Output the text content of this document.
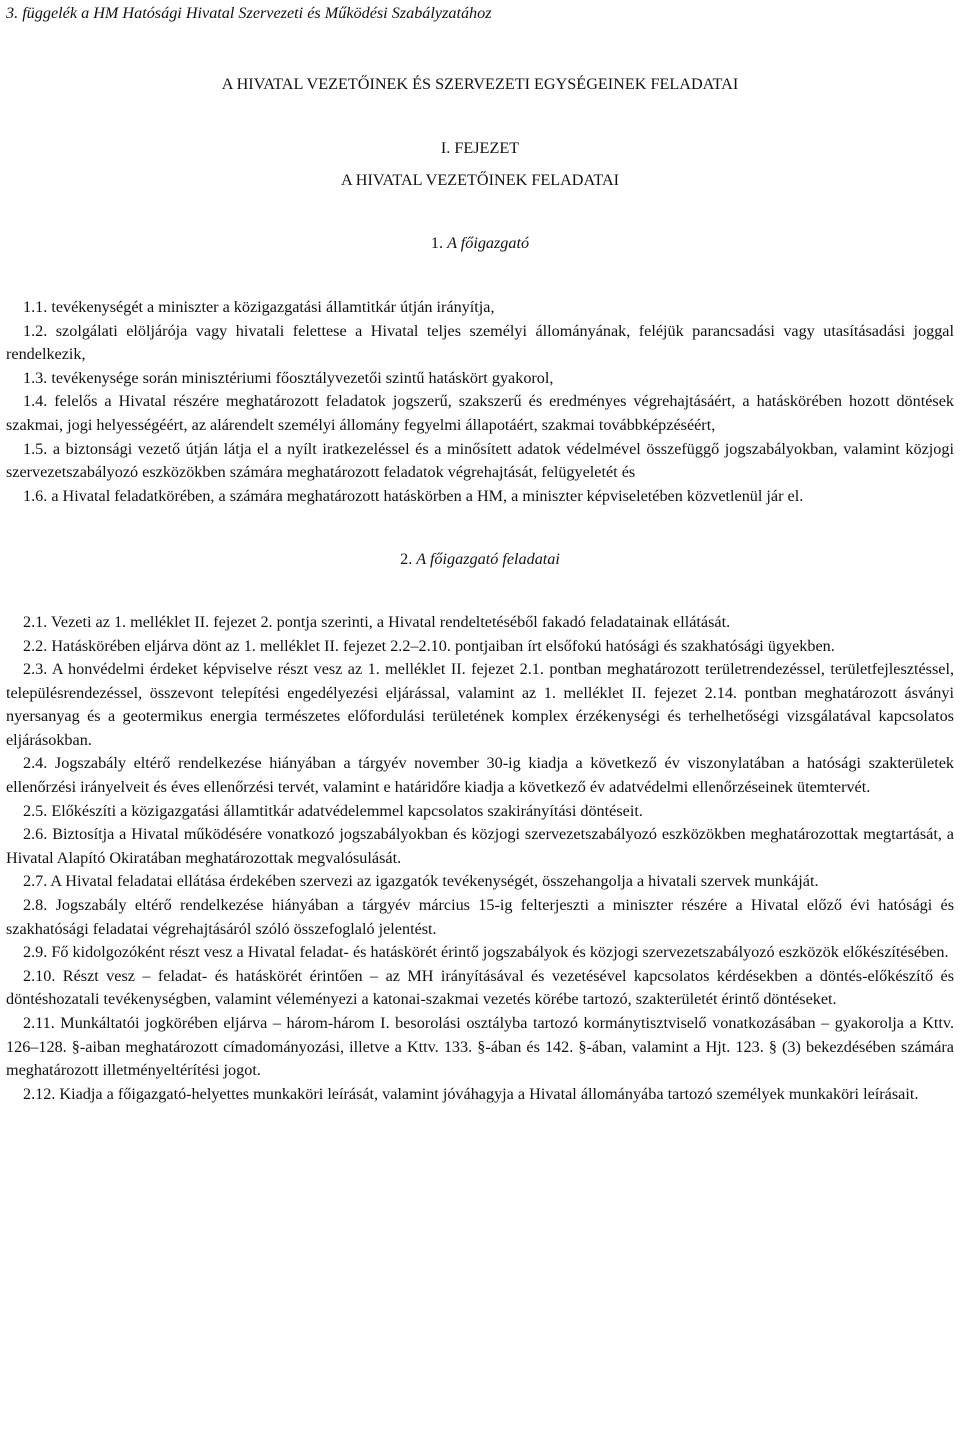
3. függelék a HM Hatósági Hivatal Szervezeti és Működési Szabályzatához

A HIVATAL VEZETŐINEK ÉS SZERVEZETI EGYSÉGEINEK FELADATAI

I. FEJEZET

A HIVATAL VEZETŐINEK FELADATAI

1. A főigazgató

1.1. tevékenységét a miniszter a közigazgatási államtitkár útján irányítja,

1.2. szolgálati elöljárója vagy hivatali felettese a Hivatal teljes személyi állományának, feléjük parancsadási vagy utasításadási joggal rendelkezik,

1.3. tevékenysége során minisztériumi főosztályvezetői szintű hatáskört gyakorol,

1.4. felelős a Hivatal részére meghatározott feladatok jogszerű, szakszerű és eredményes végrehajtásáért, a hatáskörében hozott döntések szakmai, jogi helyességéért, az alárendelt személyi állomány fegyelmi állapotáért, szakmai továbbképzéséért,

1.5. a biztonsági vezető útján látja el a nyílt iratkezeléssel és a minősített adatok védelmével összefüggő jogszabályokban, valamint közjogi szervezetszabályozó eszközökben számára meghatározott feladatok végrehajtását, felügyeletét és

1.6. a Hivatal feladatkörében, a számára meghatározott hatáskörben a HM, a miniszter képviseletében közvetlenül jár el.

2. A főigazgató feladatai

2.1. Vezeti az 1. melléklet II. fejezet 2. pontja szerinti, a Hivatal rendeltetéséből fakadó feladatainak ellátását.

2.2. Hatáskörében eljárva dönt az 1. melléklet II. fejezet 2.2–2.10. pontjaiban írt elsőfokú hatósági és szakhatósági ügyekben.

2.3. A honvédelmi érdeket képviselve részt vesz az 1. melléklet II. fejezet 2.1. pontban meghatározott területrendezéssel, területfejlesztéssel, településrendezéssel, összevont telepítési engedélyezési eljárással, valamint az 1. melléklet II. fejezet 2.14. pontban meghatározott ásványi nyersanyag és a geotermikus energia természetes előfordulási területének komplex érzékenységi és terhelhetőségi vizsgálatával kapcsolatos eljárásokban.

2.4. Jogszabály eltérő rendelkezése hiányában a tárgyév november 30-ig kiadja a következő év viszonylatában a hatósági szakterületek ellenőrzési irányelveit és éves ellenőrzési tervét, valamint e határidőre kiadja a következő év adatvédelmi ellenőrzéseinek ütemtervét.

2.5. Előkészíti a közigazgatási államtitkár adatvédelemmel kapcsolatos szakirányítási döntéseit.

2.6. Biztosítja a Hivatal működésére vonatkozó jogszabályokban és közjogi szervezetszabályozó eszközökben meghatározottak megtartását, a Hivatal Alapító Okiratában meghatározottak megvalósulását.

2.7. A Hivatal feladatai ellátása érdekében szervezi az igazgatók tevékenységét, összehangolja a hivatali szervek munkáját.

2.8. Jogszabály eltérő rendelkezése hiányában a tárgyév március 15-ig felterjeszti a miniszter részére a Hivatal előző évi hatósági és szakhatósági feladatai végrehajtásáról szóló összefoglaló jelentést.

2.9. Fő kidolgozóként részt vesz a Hivatal feladat- és hatáskörét érintő jogszabályok és közjogi szervezetszabályozó eszközök előkészítésében.

2.10. Részt vesz – feladat- és hatáskörét érintően – az MH irányításával és vezetésével kapcsolatos kérdésekben a döntés-előkészítő és döntéshozatali tevékenységben, valamint véleményezi a katonai-szakmai vezetés körébe tartozó, szakterületét érintő döntéseket.

2.11. Munkáltatói jogkörében eljárva – három-három I. besorolási osztályba tartozó kormánytisztviselő vonatkozásában – gyakorolja a Kttv. 126–128. §-aiban meghatározott címadományozási, illetve a Kttv. 133. §-ában és 142. §-ában, valamint a Hjt. 123. § (3) bekezdésében számára meghatározott illetményeltérítési jogot.

2.12. Kiadja a főigazgató-helyettes munkaköri leírását, valamint jóváhagyja a Hivatal állományába tartozó személyek munkaköri leírásait.
